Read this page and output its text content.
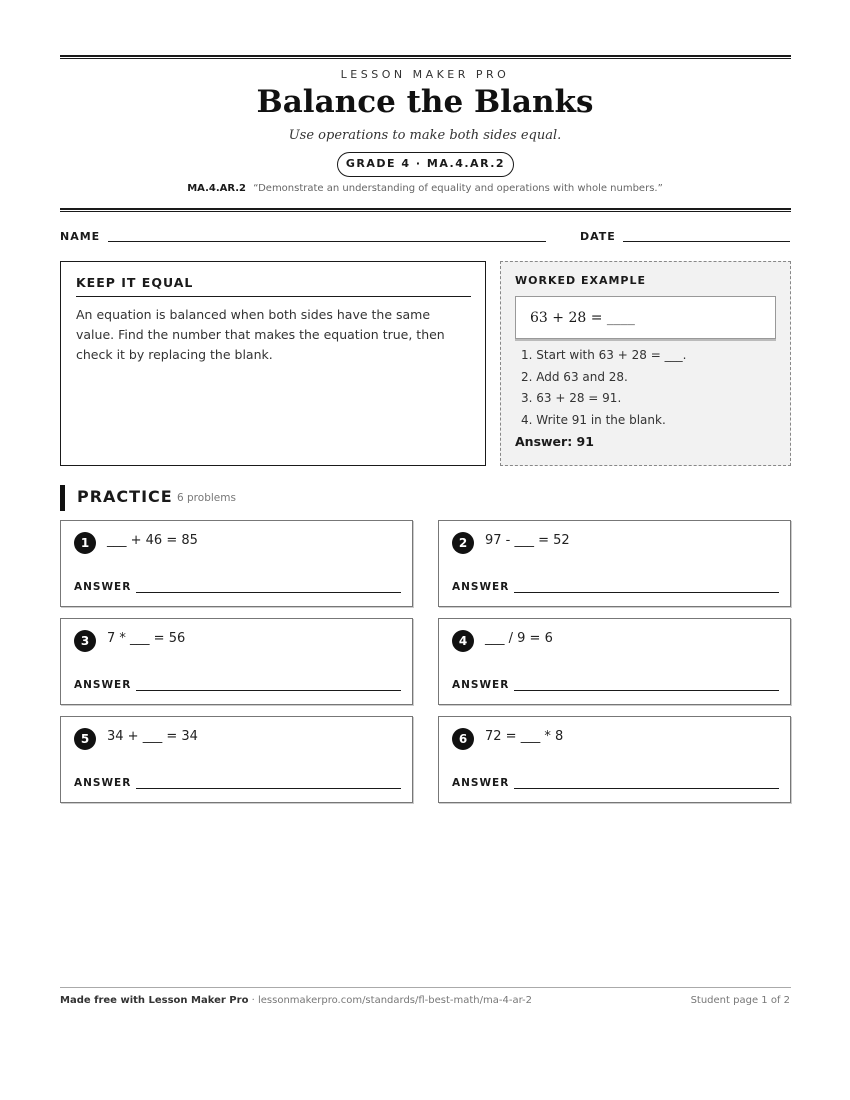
LESSON MAKER PRO
Balance the Blanks
Use operations to make both sides equal.
GRADE 4 · MA.4.AR.2
MA.4.AR.2 “Demonstrate an understanding of equality and operations with whole numbers.”
NAME	DATE
KEEP IT EQUAL
An equation is balanced when both sides have the same value. Find the number that makes the equation true, then check it by replacing the blank.
WORKED EXAMPLE
63 + 28 = ____
1. Start with 63 + 28 = ___.
2. Add 63 and 28.
3. 63 + 28 = 91.
4. Write 91 in the blank.
Answer: 91
PRACTICE 6 problems
1	___ + 46 = 85
ANSWER
2	97 - ___ = 52
ANSWER
3	7 * ___ = 56
ANSWER
4	___ / 9 = 6
ANSWER
5	34 + ___ = 34
ANSWER
6	72 = ___ * 8
ANSWER
Made free with Lesson Maker Pro · lessonmakerpro.com/standards/fl-best-math/ma-4-ar-2	Student page 1 of 2
